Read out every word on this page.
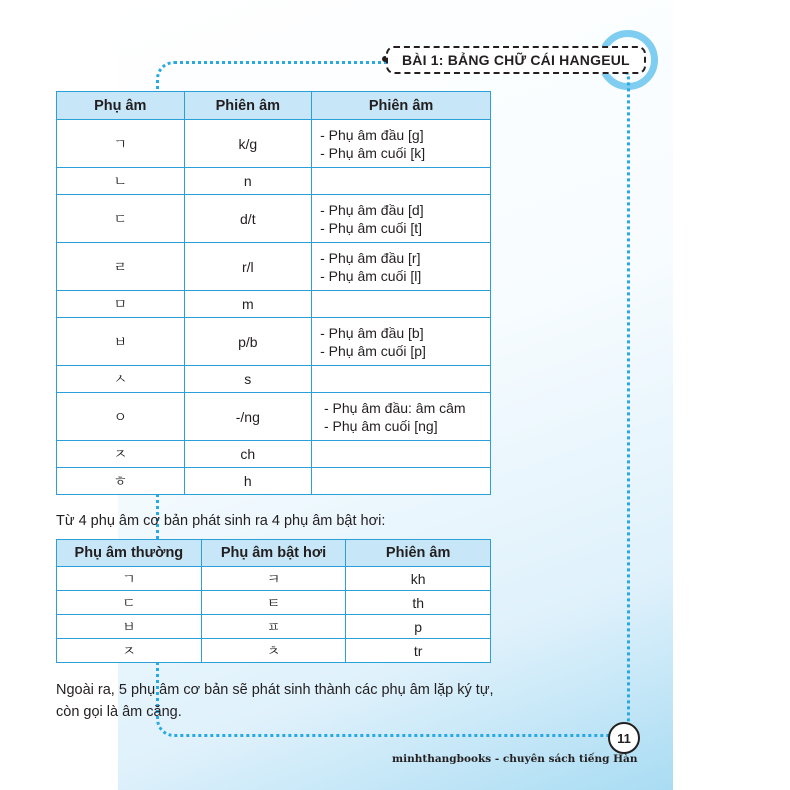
BÀI 1: BẢNG CHỮ CÁI HANGEUL
11
minhthangbooks - chuyên sách tiếng Hàn
Phụ âm	Phiên âm	Phiên âm
ㄱ	k/g	- Phụ âm đầu [g]
- Phụ âm cuối [k]

ㄴ	n	

ㄷ	d/t	- Phụ âm đầu [d]
- Phụ âm cuối [t]

ㄹ	r/l	- Phụ âm đầu [r]
- Phụ âm cuối [l]

ㅁ	m	

ㅂ	p/b	- Phụ âm đầu [b]
- Phụ âm cuối [p]

ㅅ	s	

ㅇ	-/ng	- Phụ âm đầu: âm câm
- Phụ âm cuối [ng]

ㅈ	ch	

ㅎ	h	
Từ 4 phụ âm cơ bản phát sinh ra 4 phụ âm bật hơi:
Phụ âm thường	Phụ âm bật hơi	Phiên âm
ㄱ	ㅋ	kh
ㄷ	ㅌ	th
ㅂ	ㅍ	p
ㅈ	ㅊ	tr
Ngoài ra, 5 phụ âm cơ bản sẽ phát sinh thành các phụ âm lặp ký tự, còn gọi là âm căng.
